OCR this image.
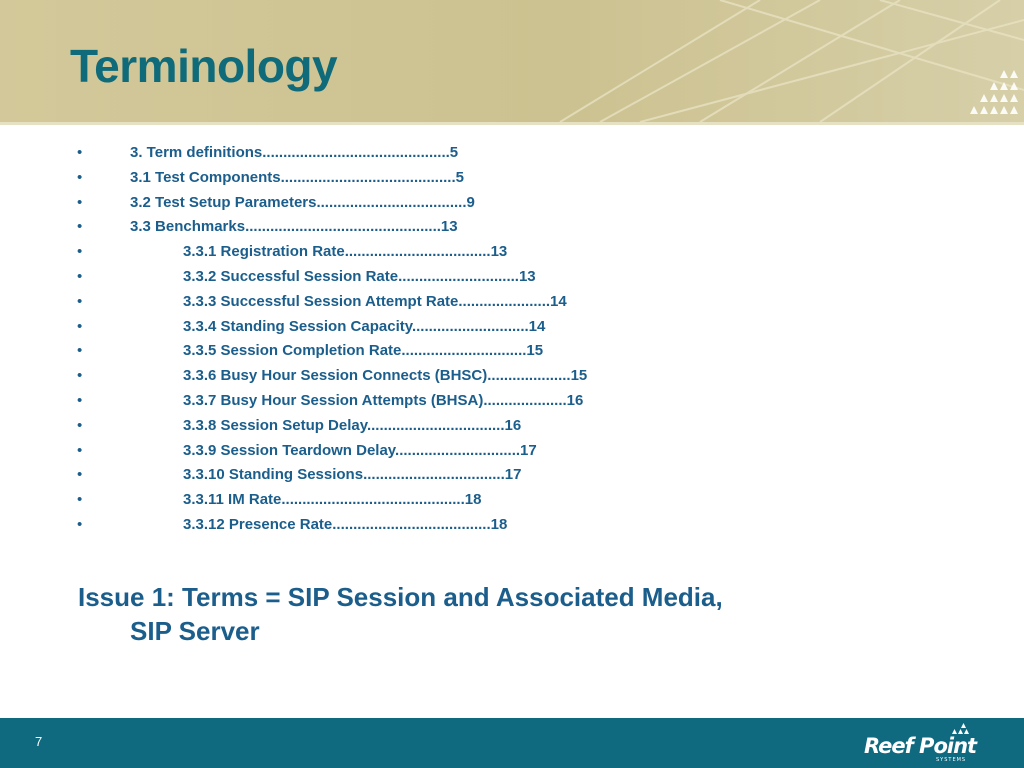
Terminology
•	3. Term definitions.............................................5
•	3.1 Test Components..........................................5
•	3.2 Test Setup Parameters....................................9
•	3.3 Benchmarks...............................................13
•	3.3.1 Registration Rate...................................13
•	3.3.2 Successful Session Rate.............................13
•	3.3.3 Successful Session Attempt Rate......................14
•	3.3.4 Standing Session Capacity............................14
•	3.3.5 Session Completion Rate..............................15
•	3.3.6 Busy Hour Session Connects (BHSC)....................15
•	3.3.7 Busy Hour Session Attempts (BHSA)....................16
•	3.3.8 Session Setup Delay.................................16
•	3.3.9 Session Teardown Delay..............................17
•	3.3.10 Standing Sessions..................................17
•	3.3.11 IM Rate............................................18
•	3.3.12 Presence Rate......................................18
Issue 1: Terms = SIP Session and Associated Media,
SIP Server
7	Reef Point
SYSTEMS
